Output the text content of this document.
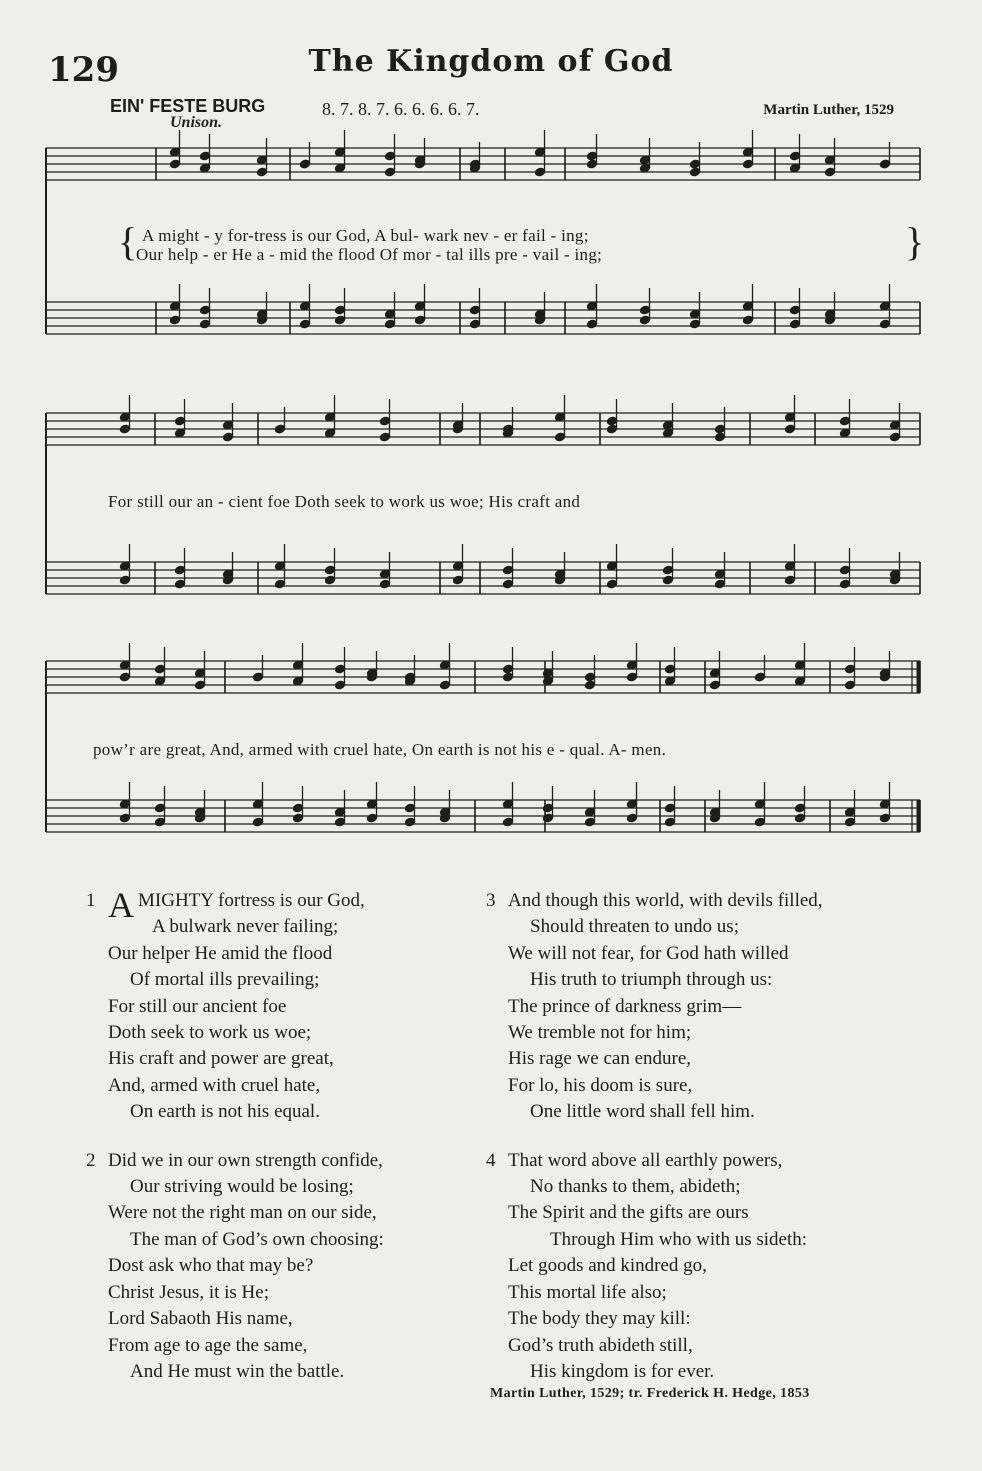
129	The Kingdom of God
EIN' FESTE BURG	8. 7. 8. 7. 6. 6. 6. 6. 7.	Martin Luther, 1529
Unison.
{ A might - y for-tress is our God, A bul- wark nev - er fail - ing;
Our help - er He a - mid the flood Of mor - tal ills pre - vail - ing;	}
For still our an - cient foe Doth seek to work us woe; His craft and
pow’r are great, And, armed with cruel hate, On earth is not his e - qual. A- men.
1 AMIGHTY fortress is our God,
A bulwark never failing;
Our helper He amid the flood
Of mortal ills prevailing;
For still our ancient foe
Doth seek to work us woe;
His craft and power are great,
And, armed with cruel hate,
On earth is not his equal.
2 Did we in our own strength confide,
Our striving would be losing;
Were not the right man on our side,
The man of God’s own choosing:
Dost ask who that may be?
Christ Jesus, it is He;
Lord Sabaoth His name,
From age to age the same,
And He must win the battle.
3 And though this world, with devils filled,
Should threaten to undo us;
We will not fear, for God hath willed
His truth to triumph through us:
The prince of darkness grim—
We tremble not for him;
His rage we can endure,
For lo, his doom is sure,
One little word shall fell him.
4 That word above all earthly powers,
No thanks to them, abideth;
The Spirit and the gifts are ours
Through Him who with us sideth:
Let goods and kindred go,
This mortal life also;
The body they may kill:
God’s truth abideth still,
His kingdom is for ever.
Martin Luther, 1529; tr. Frederick H. Hedge, 1853
